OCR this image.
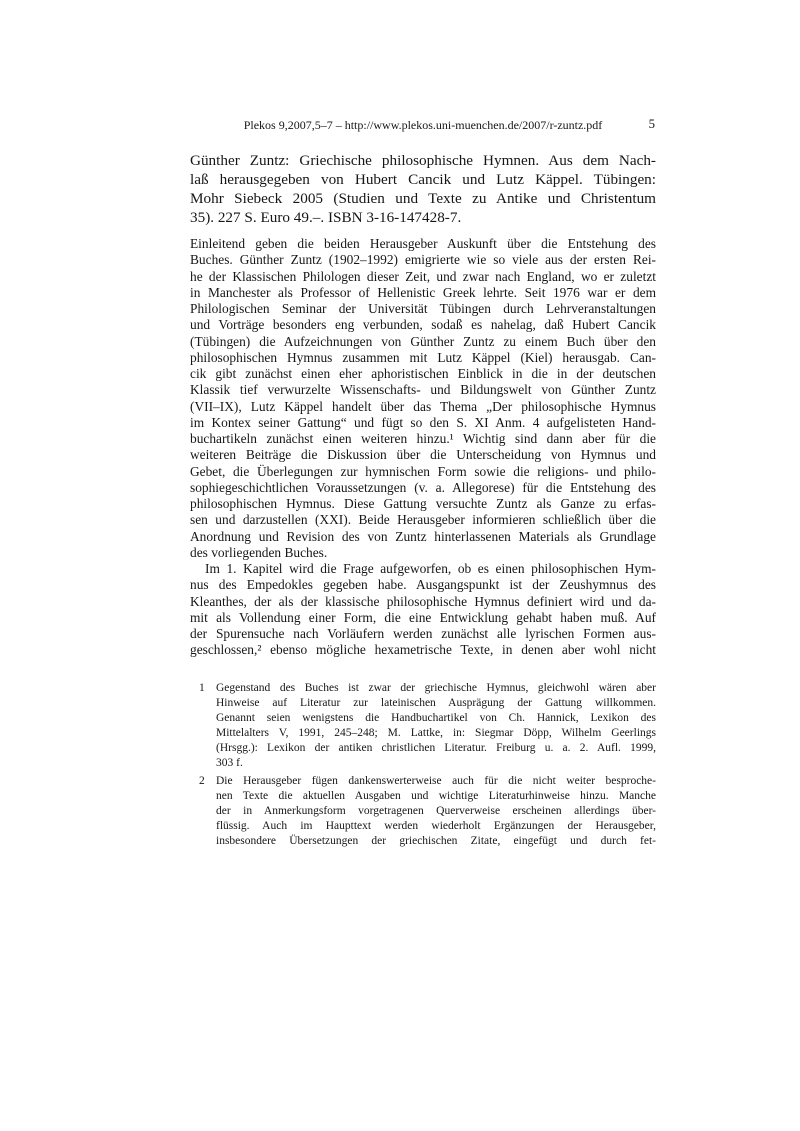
Plekos 9,2007,5–7 – http://www.plekos.uni-muenchen.de/2007/r-zuntz.pdf	5
Günther Zuntz: Griechische philosophische Hymnen. Aus dem Nach-
laß herausgegeben von Hubert Cancik und Lutz Käppel. Tübingen:
Mohr Siebeck 2005 (Studien und Texte zu Antike und Christentum
35). 227 S. Euro 49.–. ISBN 3-16-147428-7.
Einleitend geben die beiden Herausgeber Auskunft über die Entstehung des
Buches. Günther Zuntz (1902–1992) emigrierte wie so viele aus der ersten Rei-
he der Klassischen Philologen dieser Zeit, und zwar nach England, wo er zuletzt
in Manchester als Professor of Hellenistic Greek lehrte. Seit 1976 war er dem
Philologischen Seminar der Universität Tübingen durch Lehrveranstaltungen
und Vorträge besonders eng verbunden, sodaß es nahelag, daß Hubert Cancik
(Tübingen) die Aufzeichnungen von Günther Zuntz zu einem Buch über den
philosophischen Hymnus zusammen mit Lutz Käppel (Kiel) herausgab. Can-
cik gibt zunächst einen eher aphoristischen Einblick in die in der deutschen
Klassik tief verwurzelte Wissenschafts- und Bildungswelt von Günther Zuntz
(VII–IX), Lutz Käppel handelt über das Thema „Der philosophische Hymnus
im Kontex seiner Gattung“ und fügt so den S. XI Anm. 4 aufgelisteten Hand-
buchartikeln zunächst einen weiteren hinzu.¹ Wichtig sind dann aber für die
weiteren Beiträge die Diskussion über die Unterscheidung von Hymnus und
Gebet, die Überlegungen zur hymnischen Form sowie die religions- und philo-
sophiegeschichtlichen Voraussetzungen (v. a. Allegorese) für die Entstehung des
philosophischen Hymnus. Diese Gattung versuchte Zuntz als Ganze zu erfas-
sen und darzustellen (XXI). Beide Herausgeber informieren schließlich über die
Anordnung und Revision des von Zuntz hinterlassenen Materials als Grundlage
des vorliegenden Buches.
Im 1. Kapitel wird die Frage aufgeworfen, ob es einen philosophischen Hym-
nus des Empedokles gegeben habe. Ausgangspunkt ist der Zeushymnus des
Kleanthes, der als der klassische philosophische Hymnus definiert wird und da-
mit als Vollendung einer Form, die eine Entwicklung gehabt haben muß. Auf
der Spurensuche nach Vorläufern werden zunächst alle lyrischen Formen aus-
geschlossen,² ebenso mögliche hexametrische Texte, in denen aber wohl nicht
1 Gegenstand des Buches ist zwar der griechische Hymnus, gleichwohl wären aber
Hinweise auf Literatur zur lateinischen Ausprägung der Gattung willkommen.
Genannt seien wenigstens die Handbuchartikel von Ch. Hannick, Lexikon des
Mittelalters V, 1991, 245–248; M. Lattke, in: Siegmar Döpp, Wilhelm Geerlings
(Hrsgg.): Lexikon der antiken christlichen Literatur. Freiburg u. a. 2. Aufl. 1999,
303 f.
2 Die Herausgeber fügen dankenswerterweise auch für die nicht weiter besproche-
nen Texte die aktuellen Ausgaben und wichtige Literaturhinweise hinzu. Manche
der in Anmerkungsform vorgetragenen Querverweise erscheinen allerdings über-
flüssig. Auch im Haupttext werden wiederholt Ergänzungen der Herausgeber,
insbesondere Übersetzungen der griechischen Zitate, eingefügt und durch fet-
